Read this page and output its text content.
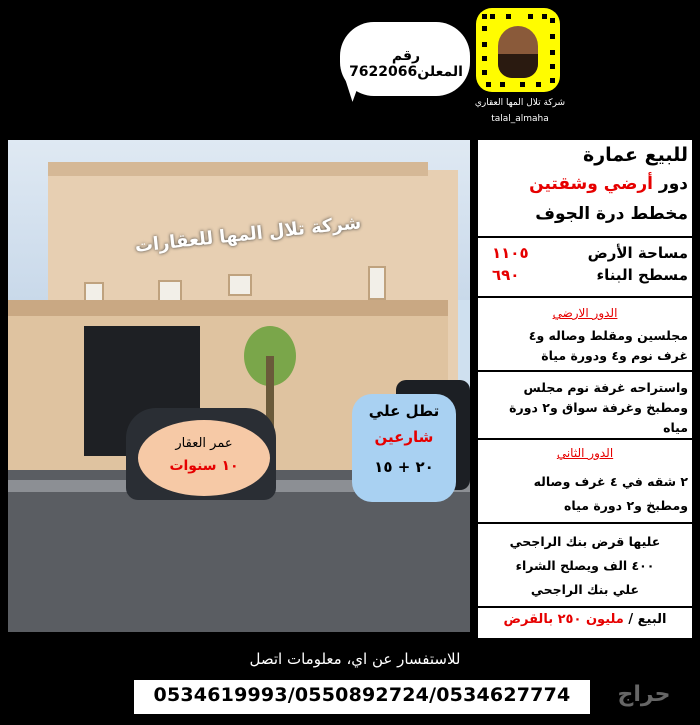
رقم المعلن7622066
شركة تلال المها العقاري
talal_almaha
شركة تلال المها للعقارات
عمر العقار
١٠ سنوات
تطل علي
شارعين
٢٠ + ١٥
للبيع عمارة
دور أرضي وشقتين
مخطط درة الجوف
مساحة الأرض
١١٠٥
مسطح البناء
٦٩٠
الدور الارضي
مجلسين ومقلط وصاله و٤
غرف نوم و٤ ودورة مياة
واستراحه غرفة نوم مجلس
ومطبخ وغرفة سواق و٢ دورة
مياه
الدور الثاني
٢ شقه في ٤ غرف وصاله
ومطبخ و٢ دورة مياه
عليها قرض بنك الراجحي
٤٠٠ الف ويصلح الشراء
علي بنك الراجحي
البيع / مليون ٢٥٠ بالقرض
للاستفسار عن اي، معلومات اتصل
0534619993/0550892724/0534627774	حراج
